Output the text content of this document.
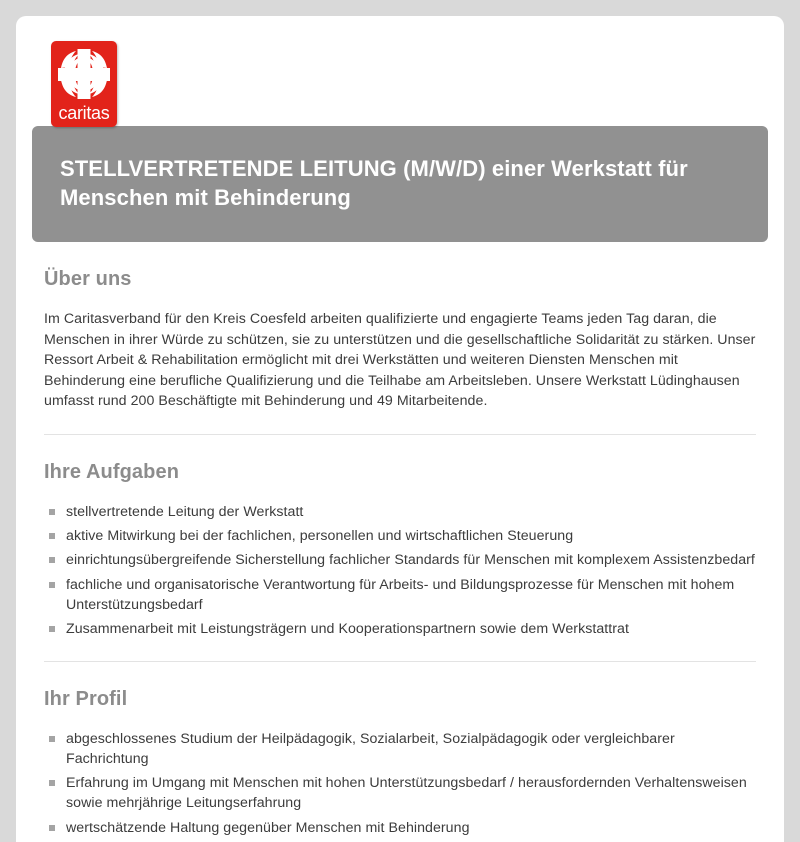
caritas
STELLVERTRETENDE LEITUNG (M/W/D) einer Werkstatt für Menschen mit Behinderung
Über uns

Im Caritasverband für den Kreis Coesfeld arbeiten qualifizierte und engagierte Teams jeden Tag daran, die Menschen in ihrer Würde zu schützen, sie zu unterstützen und die gesellschaftliche Solidarität zu stärken. Unser Ressort Arbeit & Rehabilitation ermöglicht mit drei Werkstätten und weiteren Diensten Menschen mit Behinderung eine berufliche Qualifizierung und die Teilhabe am Arbeitsleben. Unsere Werkstatt Lüdinghausen umfasst rund 200 Beschäftigte mit Behinderung und 49 Mitarbeitende.

Ihre Aufgaben
stellvertretende Leitung der Werkstatt
aktive Mitwirkung bei der fachlichen, personellen und wirtschaftlichen Steuerung
einrichtungsübergreifende Sicherstellung fachlicher Standards für Menschen mit komplexem Assistenzbedarf
fachliche und organisatorische Verantwortung für Arbeits- und Bildungsprozesse für Menschen mit hohem Unterstützungsbedarf
Zusammenarbeit mit Leistungsträgern und Kooperationspartnern sowie dem Werkstattrat
Ihr Profil
abgeschlossenes Studium der Heilpädagogik, Sozialarbeit, Sozialpädagogik oder vergleichbarer Fachrichtung
Erfahrung im Umgang mit Menschen mit hohen Unterstützungsbedarf / herausfordernden Verhaltensweisen sowie mehrjährige Leitungserfahrung
wertschätzende Haltung gegenüber Menschen mit Behinderung
